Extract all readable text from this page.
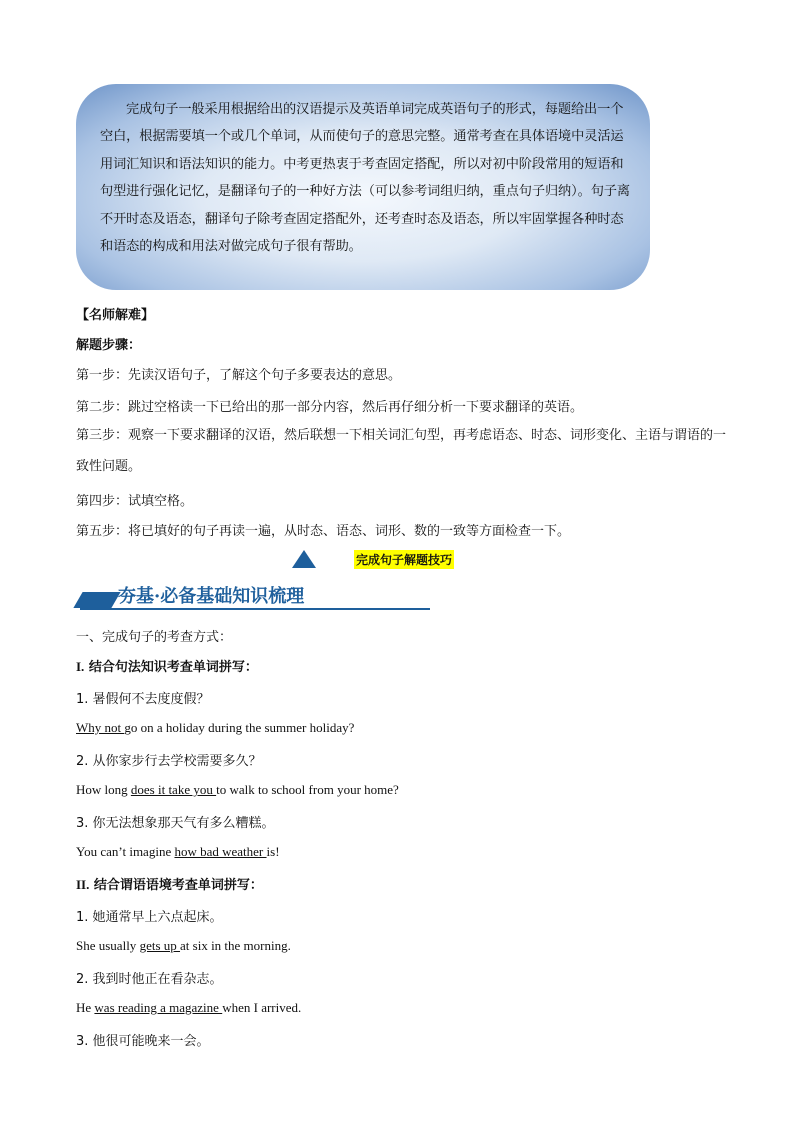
完成句子一般采用根据给出的汉语提示及英语单词完成英语句子的形式，每题给出一个空白，根据需要填一个或几个单词，从而使句子的意思完整。通常考查在具体语境中灵活运用词汇知识和语法知识的能力。中考更热衷于考查固定搭配，所以对初中阶段常用的短语和句型进行强化记忆，是翻译句子的一种好方法（可以参考词组归纳，重点句子归纳）。句子离不开时态及语态，翻译句子除考查固定搭配外，还考查时态及语态，所以牢固掌握各种时态和语态的构成和用法对做完成句子很有帮助。

【名师解难】
解题步骤：
第一步：先读汉语句子，了解这个句子多要表达的意思。
第二步：跳过空格读一下已给出的那一部分内容，然后再仔细分析一下要求翻译的英语。
第三步：观察一下要求翻译的汉语，然后联想一下相关词汇句型，再考虑语态、时态、词形变化、主语与谓语的一致性问题。
第四步：试填空格。
第五步：将已填好的句子再读一遍，从时态、语态、词形、数的一致等方面检查一下。
完成句子解题技巧
夯基·必备基础知识梳理
一、完成句子的考查方式：
I. 结合句法知识考查单词拼写：
1. 暑假何不去度度假？
Why not go on a holiday during the summer holiday?
2. 从你家步行去学校需要多久？
How long does it take you to walk to school from your home?
3. 你无法想象那天气有多么糟糕。
You can’t imagine how bad weather is!
II. 结合谓语语境考查单词拼写：
1. 她通常早上六点起床。
She usually gets up at six in the morning.
2. 我到时他正在看杂志。
He was reading a magazine when I arrived.
3. 他很可能晚来一会。
